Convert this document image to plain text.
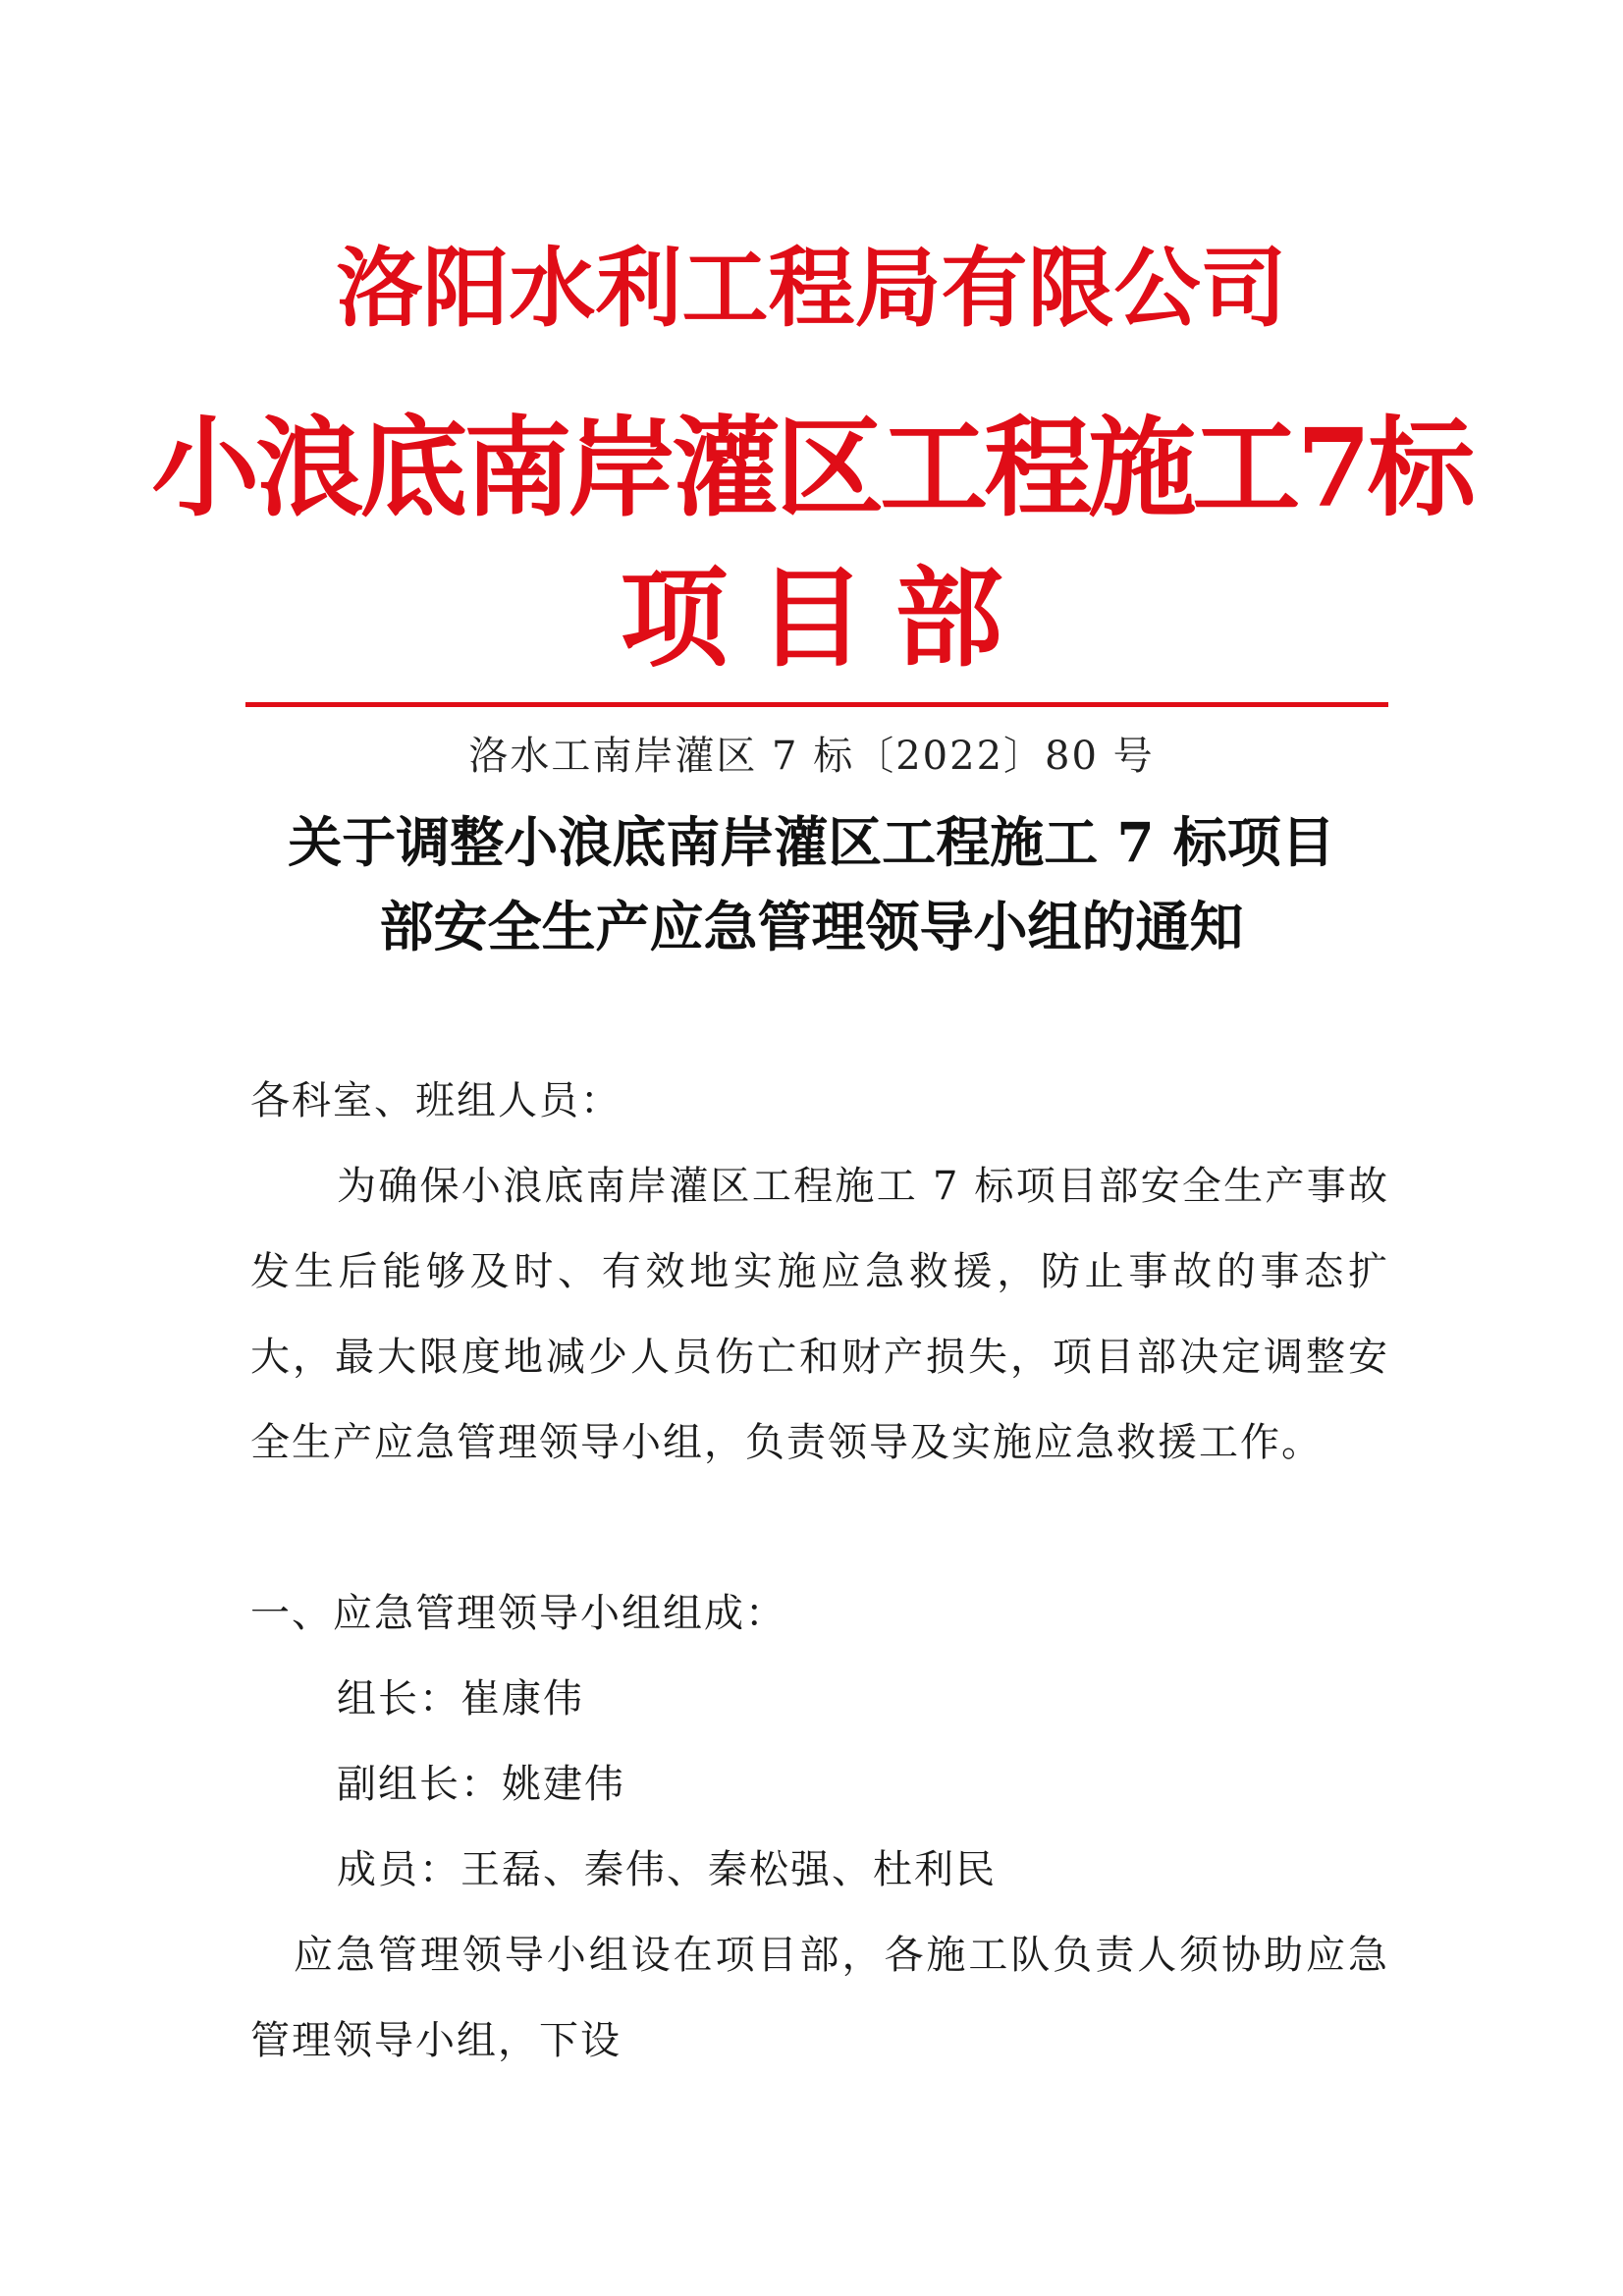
洛阳水利工程局有限公司
小浪底南岸灌区工程施工7标
项目部
洛水工南岸灌区 7 标〔2022〕80 号
关于调整小浪底南岸灌区工程施工 7 标项目
部安全生产应急管理领导小组的通知
各科室、班组人员：
为确保小浪底南岸灌区工程施工 7 标项目部安全生产事故发生后能够及时、有效地实施应急救援，防止事故的事态扩大，最大限度地减少人员伤亡和财产损失，项目部决定调整安全生产应急管理领导小组，负责领导及实施应急救援工作。
一、应急管理领导小组组成：
组长：崔康伟
副组长：姚建伟
成员：王磊、秦伟、秦松强、杜利民
应急管理领导小组设在项目部，各施工队负责人须协助应急管理领导小组，下设
